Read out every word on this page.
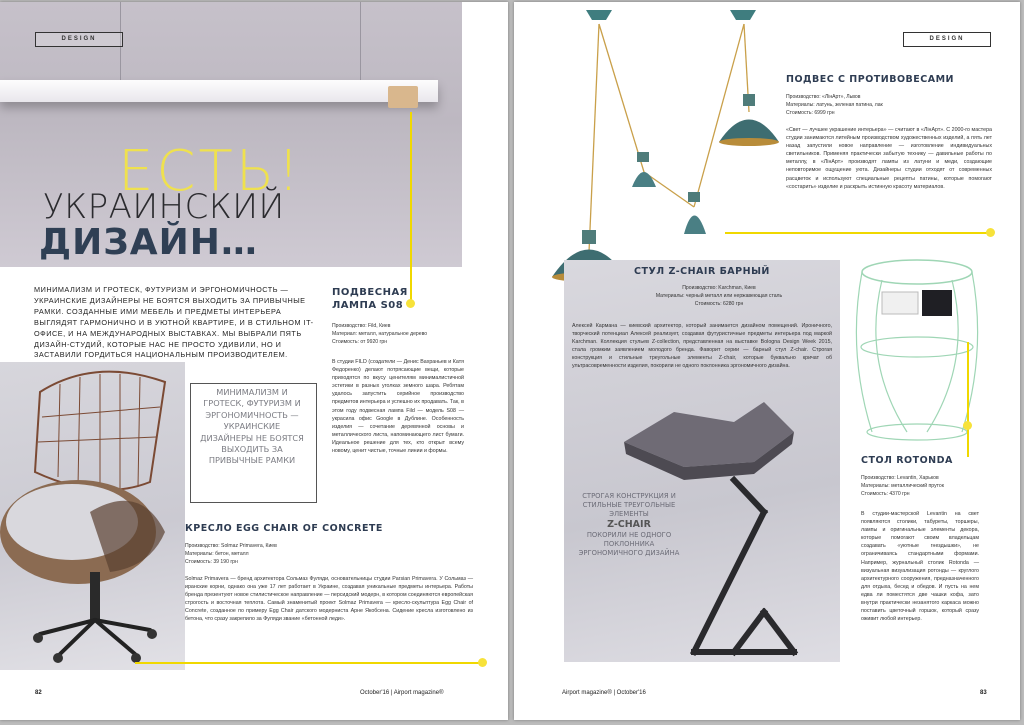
DESIGN
ЕСТЬ!
УКРАИНСКИЙ
ДИЗАЙН…
МИНИМАЛИЗМ И ГРОТЕСК, ФУТУРИЗМ И ЭРГОНОМИЧНОСТЬ — УКРАИНСКИЕ ДИЗАЙНЕРЫ НЕ БОЯТСЯ ВЫХОДИТЬ ЗА ПРИВЫЧНЫЕ РАМКИ. СОЗДАННЫЕ ИМИ МЕБЕЛЬ И ПРЕДМЕТЫ ИНТЕРЬЕРА ВЫГЛЯДЯТ ГАРМОНИЧНО И В УЮТНОЙ КВАРТИРЕ, И В СТИЛЬНОМ IT-ОФИСЕ, И НА МЕЖДУНАРОДНЫХ ВЫСТАВКАХ. МЫ ВЫБРАЛИ ПЯТЬ ДИЗАЙН-СТУДИЙ, КОТОРЫЕ НАС НЕ ПРОСТО УДИВИЛИ, НО И ЗАСТАВИЛИ ГОРДИТЬСЯ НАЦИОНАЛЬНЫМ ПРОИЗВОДИТЕЛЕМ.
ПОДВЕСНАЯ
ЛАМПА S08
Производство: Fild, Киев
Материал: металл, натуральное дерево
Стоимость: от 9920 грн
В студии FILD (создатели — Денис Вахраньев и Катя Федоренко) делают потрясающие вещи, которые приходятся по вкусу ценителям минималистичной эстетики в разных уголках земного шара. Ребятам удалось запустить серийное производство предметов интерьера и успешно их продавать. Так, в этом году подвесная лампа Fild — модель S08 — украсила офис Google в Дублине. Особенность изделия — сочетание деревянной основы и металлического листа, напоминающего лист бумаги. Идеальное решение для тех, кто открыт всему новому, ценит чистые, точные линии и формы.
МИНИМАЛИЗМ И ГРОТЕСК, ФУТУРИЗМ И ЭРГОНОМИЧНОСТЬ — УКРАИНСКИЕ ДИЗАЙНЕРЫ НЕ БОЯТСЯ ВЫХОДИТЬ ЗА ПРИВЫЧНЫЕ РАМКИ
КРЕСЛО EGG CHAIR OF CONCRETE
Производство: Solmaz Primavera, Киев
Материалы: бетон, металл
Стоимость: 39 190 грн
Solmaz Primavera — бренд архитектора Сольмаз Фуляди, основательницы студии Parsian Primavera. У Сольмаз — иранские корни, однако она уже 17 лет работает в Украине, создавая уникальные предметы интерьера. Работы бренда презентуют новое стилистическое направление — персидский модерн, в котором соединяются европейская строгость и восточная теплота. Самый знаменитый проект Solmaz Primavera — кресло-скульптура Egg Chair of Concrete, созданное по примеру Egg Chair датского модерниста Арне Якобсена. Сидение кресла изготовлено из бетона, что сразу закрепило за Фуляди звание «бетонной леди».
82	October'16 | Airport magazine®
DESIGN
ПОДВЕС С ПРОТИВОВЕСАМИ
Производство: «ЛінАрт», Львов
Материалы: латунь, зеленая патина, лак
Стоимость: 6999 грн
«Свет — лучшее украшение интерьера» — считают в «ЛінАрт». С 2000-го мастера студии занимаются литейным производством художественных изделий, а пять лет назад запустили новое направление — изготовление индивидуальных светильников. Применяя практически забытую технику — давильные работы по металлу, в «ЛінАрт» производят лампы из латуни и меди, создающие неповторимое ощущение уюта. Дизайнеры студии отходят от современных расцветок и используют специальные рецепты патины, которые помогают «состарить» изделие и раскрыть истинную красоту материалов.
СТУЛ Z-CHAIR БАРНЫЙ
Производство: Karchman, Киев
Материалы: черный металл или нержавеющая сталь
Стоимость: 6280 грн
Алексей Кармана — киевский архитектор, который занимается дизайном помещений. Ироничного, творческий потенциал Алексей реализует, создавая футуристичные предметы интерьера под маркой Karchman. Коллекция стульев Z-collection, представленная на выставке Bologna Design Week 2015, стала громким заявлением молодого бренда. Фаворит серии — барный стул Z-chair. Строгая конструкция и стильные треугольные элементы Z-chair, которые буквально кричат об ультрасовременности изделия, покорили не одного поклонника эргономичного дизайна.
СТРОГАЯ КОНСТРУКЦИЯ И СТИЛЬНЫЕ ТРЕУГОЛЬНЫЕ ЭЛЕМЕНТЫ
Z-CHAIR
ПОКОРИЛИ НЕ ОДНОГО ПОКЛОННИКА ЭРГОНОМИЧНОГО ДИЗАЙНА
СТОЛ ROTONDA
Производство: Levantin, Харьков
Материалы: металлический пруток
Стоимость: 4370 грн
В студии-мастерской Levantin на свет появляются столики, табуреты, торшеры, лампы и оригинальные элементы декора, которые помогают своим владельцам создавать «уютные гнездышки», не ограничиваясь стандартными формами. Например, журнальный столик Rotonda — визуальная визуализация ротонды — круглого архитектурного сооружения, предназначенного для отдыха, бесед и обедов. И пусть на нем едва ли поместятся две чашки кофа, зато внутри практически незанятого каркаса можно поставить цветочный горшок, который сразу оживит любой интерьер.
Airport magazine® | October'16	83
